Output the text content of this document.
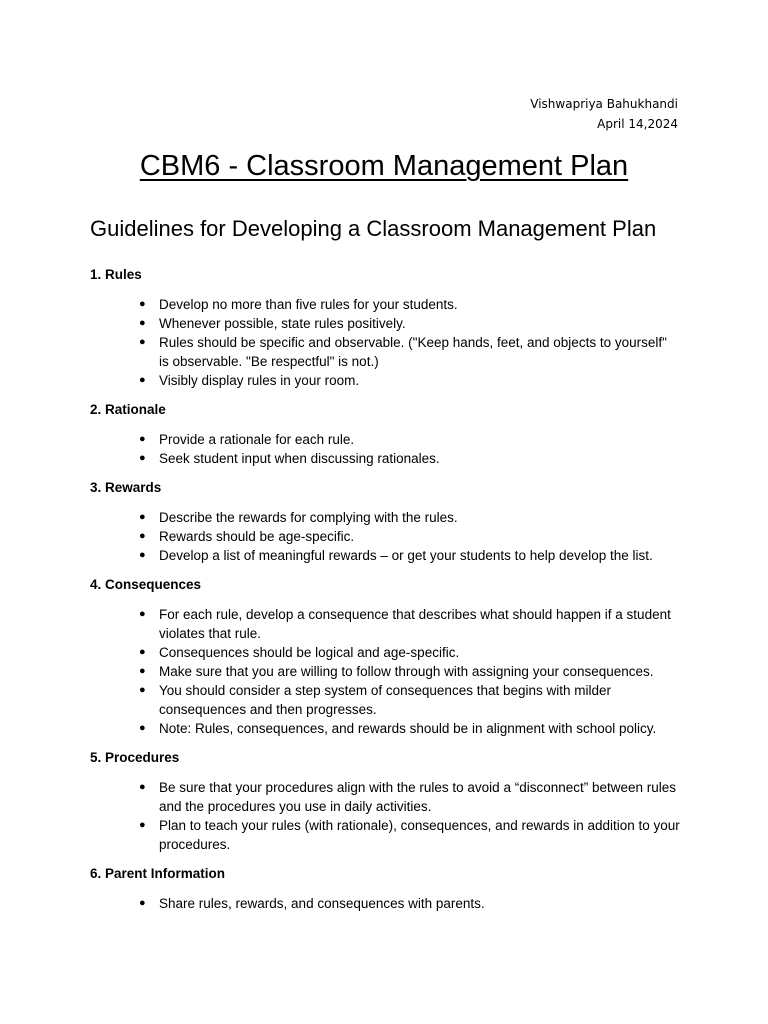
Vishwapriya Bahukhandi
April 14,2024
CBM6 - Classroom Management Plan
Guidelines for Developing a Classroom Management Plan
1. Rules
● Develop no more than five rules for your students.
● Whenever possible, state rules positively.
● Rules should be specific and observable. ("Keep hands, feet, and objects to yourself" is observable. "Be respectful" is not.)
● Visibly display rules in your room.
2. Rationale
● Provide a rationale for each rule.
● Seek student input when discussing rationales.
3. Rewards
● Describe the rewards for complying with the rules.
● Rewards should be age-specific.
● Develop a list of meaningful rewards – or get your students to help develop the list.
4. Consequences
● For each rule, develop a consequence that describes what should happen if a student violates that rule.
● Consequences should be logical and age-specific.
● Make sure that you are willing to follow through with assigning your consequences.
● You should consider a step system of consequences that begins with milder consequences and then progresses.
● Note: Rules, consequences, and rewards should be in alignment with school policy.
5. Procedures
● Be sure that your procedures align with the rules to avoid a “disconnect” between rules and the procedures you use in daily activities.
● Plan to teach your rules (with rationale), consequences, and rewards in addition to your procedures.
6. Parent Information
● Share rules, rewards, and consequences with parents.
